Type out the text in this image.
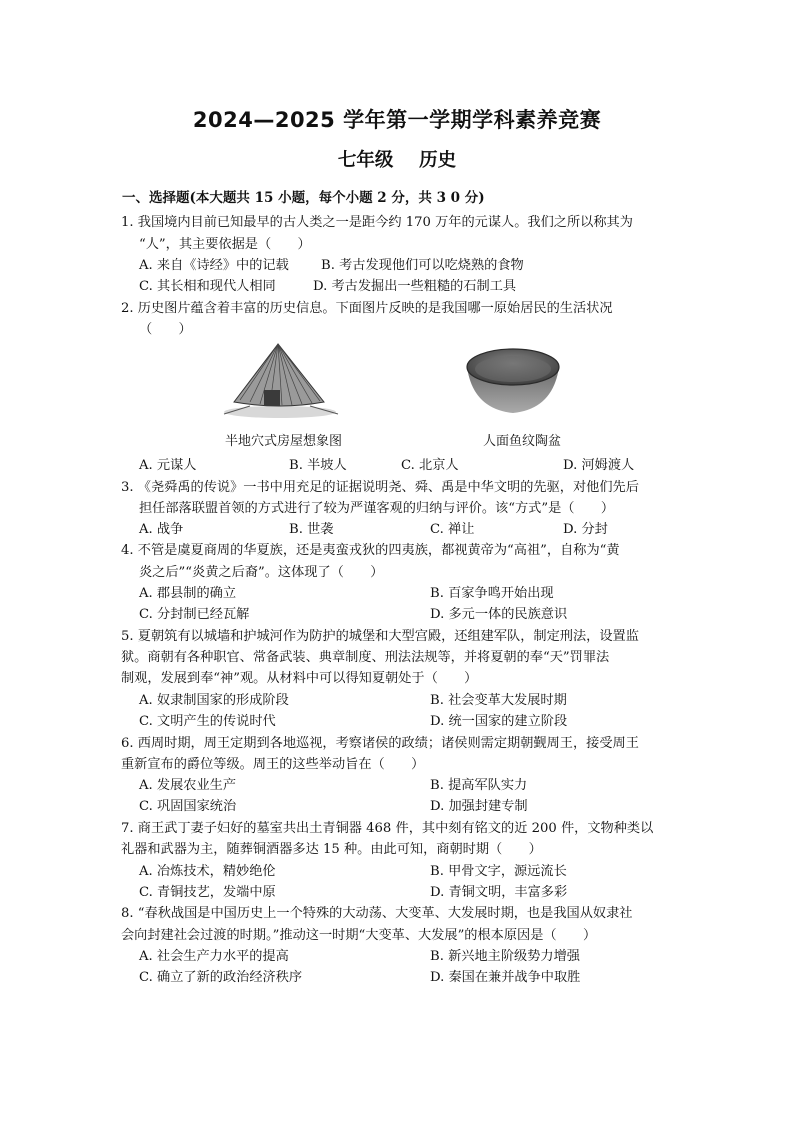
2024—2025 学年第一学期学科素养竞赛
七年级    历史
一、选择题(本大题共 15 小题，每个小题 2 分，共 3 0 分)
1. 我国境内目前已知最早的古人类之一是距今约 170 万年的元谋人。我们之所以称其为
“人”，其主要依据是（　　）
A. 来自《诗经》中的记载 B. 考古发现他们可以吃烧熟的食物
C. 其长相和现代人相同	D. 考古发掘出一些粗糙的石制工具
2. 历史图片蕴含着丰富的历史信息。下面图片反映的是我国哪一原始居民的生活状况
（　　）
半地穴式房屋想象图	人面鱼纹陶盆
A. 元谋人	B. 半坡人	C. 北京人	D. 河姆渡人
3. 《尧舜禹的传说》一书中用充足的证据说明尧、舜、禹是中华文明的先驱，对他们先后
担任部落联盟首领的方式进行了较为严谨客观的归纳与评价。该“方式”是（　　）
A. 战争	B. 世袭	C. 禅让	D. 分封
4. 不管是虞夏商周的华夏族，还是夷蛮戎狄的四夷族，都视黄帝为“高祖”，自称为“黄
炎之后”“炎黄之后裔”。这体现了（　　）
A. 郡县制的确立	B. 百家争鸣开始出现
C. 分封制已经瓦解	D. 多元一体的民族意识
5. 夏朝筑有以城墙和护城河作为防护的城堡和大型宫殿，还组建军队，制定刑法，设置监
狱。商朝有各种职官、常备武装、典章制度、刑法法规等，并将夏朝的奉“天”罚罪法
制观，发展到奉“神”观。从材料中可以得知夏朝处于（　　）
A. 奴隶制国家的形成阶段	B. 社会变革大发展时期
C. 文明产生的传说时代	D. 统一国家的建立阶段
6. 西周时期，周王定期到各地巡视，考察诸侯的政绩；诸侯则需定期朝觐周王，接受周王
重新宣布的爵位等级。周王的这些举动旨在（　　）
A. 发展农业生产	B. 提高军队实力
C. 巩固国家统治	D. 加强封建专制
7. 商王武丁妻子妇好的墓室共出土青铜器 468 件，其中刻有铭文的近 200 件，文物种类以
礼器和武器为主，随葬铜酒器多达 15 种。由此可知，商朝时期（　　）
A. 冶炼技术，精妙绝伦	B. 甲骨文字，源远流长
C. 青铜技艺，发端中原	D. 青铜文明，丰富多彩
8. “春秋战国是中国历史上一个特殊的大动荡、大变革、大发展时期，也是我国从奴隶社
会向封建社会过渡的时期。”推动这一时期“大变革、大发展”的根本原因是（　　）
A. 社会生产力水平的提高	B. 新兴地主阶级势力增强
C. 确立了新的政治经济秩序	D. 秦国在兼并战争中取胜
